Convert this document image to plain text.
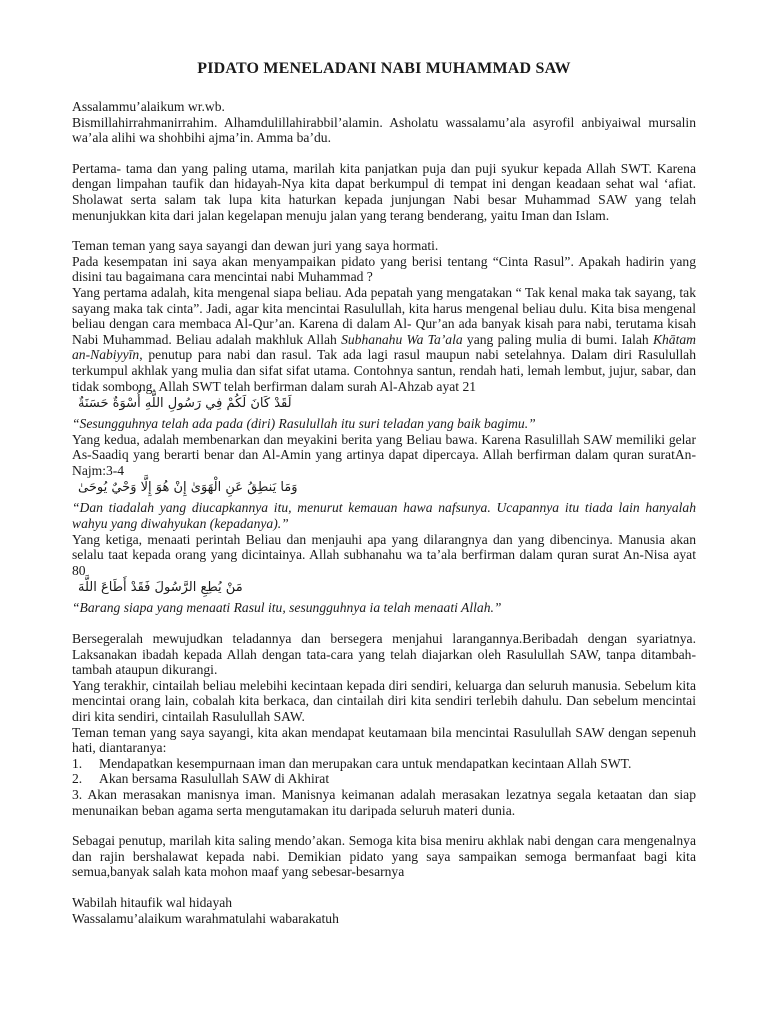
PIDATO MENELADANI NABI MUHAMMAD SAW

Assalammu’alaikum wr.wb.

Bismillahirrahmanirrahim. Alhamdulillahirabbil’alamin. Asholatu wassalamu’ala asyrofil anbiyaiwal mursalin wa’ala alihi wa shohbihi ajma’in. Amma ba’du.

Pertama- tama dan yang paling utama, marilah kita panjatkan puja dan puji syukur kepada Allah SWT. Karena dengan limpahan taufik dan hidayah-Nya kita dapat berkumpul di tempat ini dengan keadaan sehat wal ‘afiat. Sholawat serta salam tak lupa kita haturkan kepada junjungan Nabi besar Muhammad SAW yang telah menunjukkan kita dari jalan kegelapan menuju jalan yang terang benderang, yaitu Iman dan Islam.

Teman teman yang saya sayangi dan dewan juri yang saya hormati.

Pada kesempatan ini saya akan menyampaikan pidato yang berisi tentang “Cinta Rasul”. Apakah hadirin yang disini tau bagaimana cara mencintai nabi Muhammad ?

Yang pertama adalah, kita mengenal siapa beliau. Ada pepatah yang mengatakan “ Tak kenal maka tak sayang, tak sayang maka tak cinta”. Jadi, agar kita mencintai Rasulullah, kita harus mengenal beliau dulu. Kita bisa mengenal beliau dengan cara membaca Al-Qur’an. Karena di dalam Al- Qur’an ada banyak kisah para nabi, terutama kisah Nabi Muhammad. Beliau adalah makhluk Allah Subhanahu Wa Ta’ala yang paling mulia di bumi. Ialah Khātam an-Nabiyyīn, penutup para nabi dan rasul. Tak ada lagi rasul maupun nabi setelahnya. Dalam diri Rasulullah terkumpul akhlak yang mulia dan sifat sifat utama. Contohnya santun, rendah hati, lemah lembut, jujur, sabar, dan tidak sombong. Allah SWT telah berfirman dalam surah Al-Ahzab ayat 21

لَقَدْ كَانَ لَكُمْ فِي رَسُولِ اللَّهِ أُسْوَةٌ حَسَنَةٌ

“Sesungguhnya telah ada pada (diri) Rasulullah itu suri teladan yang baik bagimu.”

Yang kedua, adalah membenarkan dan meyakini berita yang Beliau bawa. Karena Rasulillah SAW memiliki gelar As-Saadiq yang berarti benar dan Al-Amin yang artinya dapat dipercaya. Allah berfirman dalam quran suratAn-Najm:3-4

وَمَا يَنطِقُ عَنِ الْهَوَىٰ إِنْ هُوَ إِلَّا وَحْيٌ يُوحَىٰ

“Dan tiadalah yang diucapkannya itu, menurut kemauan hawa nafsunya. Ucapannya itu tiada lain hanyalah wahyu yang diwahyukan (kepadanya).”

Yang ketiga, menaati perintah Beliau dan menjauhi apa yang dilarangnya dan yang dibencinya. Manusia akan selalu taat kepada orang yang dicintainya. Allah subhanahu wa ta’ala berfirman dalam quran surat An-Nisa ayat 80

مَنْ يُطِعِ الرَّسُولَ فَقَدْ أَطَاعَ اللَّهَ

“Barang siapa yang menaati Rasul itu, sesungguhnya ia telah menaati Allah.”

Bersegeralah mewujudkan teladannya dan bersegera menjahui larangannya.Beribadah dengan syariatnya. Laksanakan ibadah kepada Allah dengan tata-cara yang telah diajarkan oleh Rasulullah SAW, tanpa ditambah-tambah ataupun dikurangi.

Yang terakhir, cintailah beliau melebihi kecintaan kepada diri sendiri, keluarga dan seluruh manusia. Sebelum kita mencintai orang lain, cobalah kita berkaca, dan cintailah diri kita sendiri terlebih dahulu. Dan sebelum mencintai diri kita sendiri, cintailah Rasulullah SAW.

Teman teman yang saya sayangi, kita akan mendapat keutamaan bila mencintai Rasulullah SAW dengan sepenuh hati, diantaranya:

1.	Mendapatkan kesempurnaan iman dan merupakan cara untuk mendapatkan kecintaan Allah SWT.
2.	Akan bersama Rasulullah SAW di Akhirat

3. Akan merasakan manisnya iman. Manisnya keimanan adalah merasakan lezatnya segala ketaatan dan siap menunaikan beban agama serta mengutamakan itu daripada seluruh materi dunia.

Sebagai penutup, marilah kita saling mendo’akan. Semoga kita bisa meniru akhlak nabi dengan cara mengenalnya dan rajin bershalawat kepada nabi. Demikian pidato yang saya sampaikan semoga bermanfaat bagi kita semua,banyak salah kata mohon maaf yang sebesar-besarnya

Wabilah hitaufik wal hidayah

Wassalamu’alaikum warahmatulahi wabarakatuh
